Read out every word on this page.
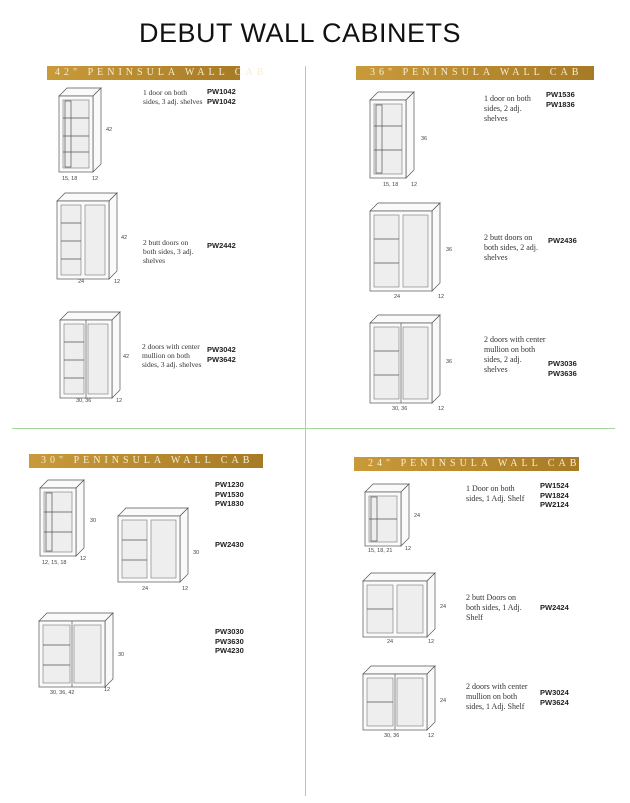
DEBUT WALL CABINETS
42" PENINSULA WALL CAB
42
15, 18	12
1 door on both sides, 3 adj. shelves
PW1042
PW1042
42
24	12
2 butt doors on both sides, 3 adj. shelves
PW2442
42
30, 36	12
2 doors with center mullion on both sides, 3 adj. shelves
PW3042
PW3642
36" PENINSULA WALL CAB
36
15, 18 12
1 door on both sides, 2 adj. shelves
PW1536
PW1836
36
24	12
2 butt doors on both sides, 2 adj. shelves
PW2436
36
30, 36	12
2 doors with center mullion on both sides, 2 adj. shelves
PW3036
PW3636
30" PENINSULA WALL CAB
30
12, 15, 18
12
PW1230
PW1530
PW1830
30
24	12
PW2430
30
30, 36, 42	12
PW3030
PW3630
PW4230
24" PENINSULA WALL CAB
24
15, 18, 21 12
1 Door on both sides, 1 Adj. Shelf
PW1524
PW1824
PW2124
24
24	12
2 butt Doors on both sides, 1 Adj. Shelf
PW2424
24
30, 36	12
2 doors with center mullion on both sides, 1 Adj. Shelf
PW3024
PW3624
